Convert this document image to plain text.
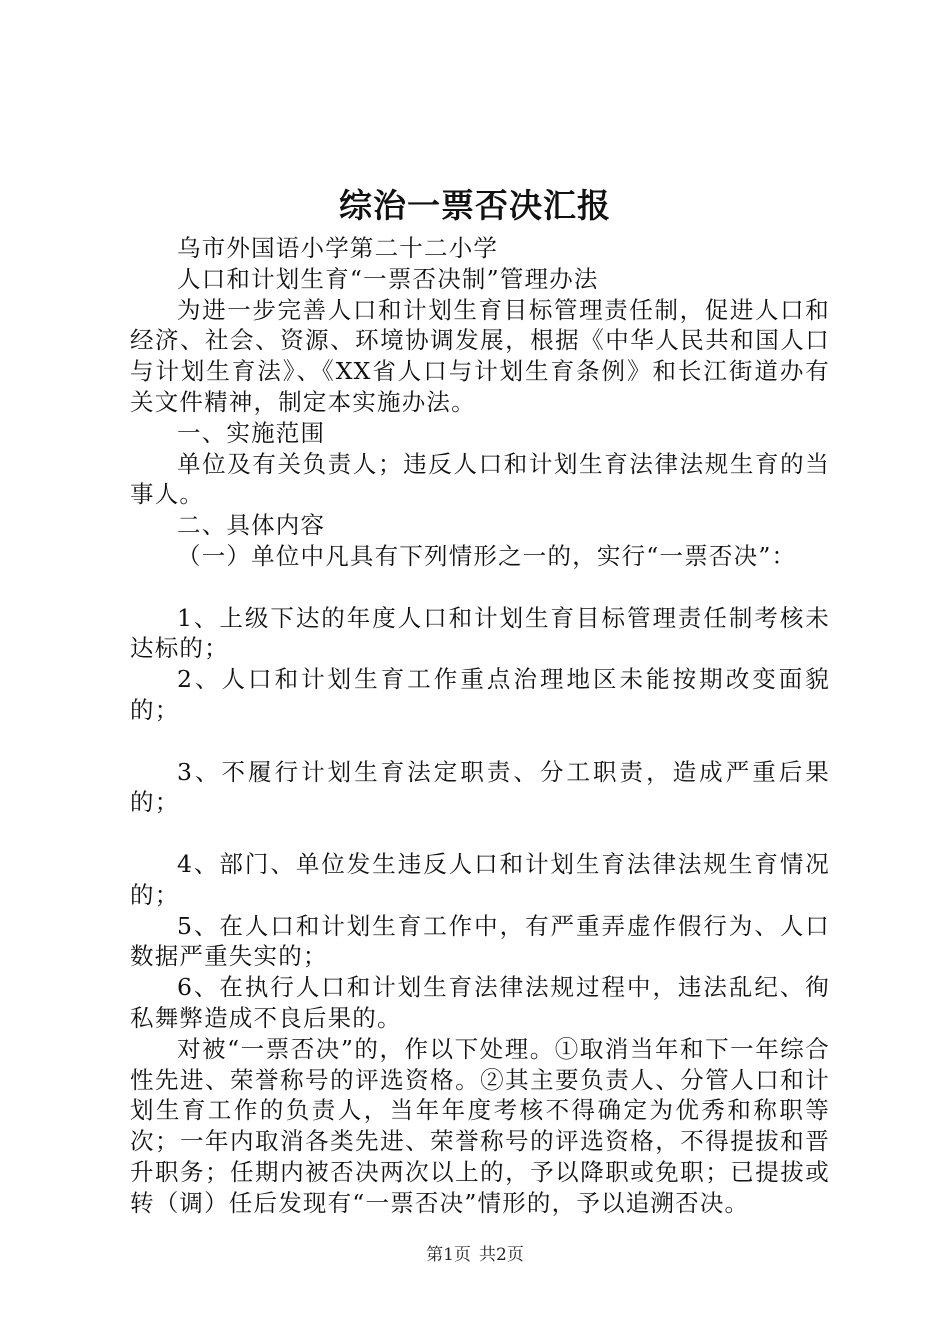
综治一票否决汇报

乌市外国语小学第二十二小学

人口和计划生育“一票否决制”管理办法

为进一步完善人口和计划生育目标管理责任制，促进人口和经济、社会、资源、环境协调发展，根据《中华人民共和国人口与计划生育法》、《XX省人口与计划生育条例》和长江街道办有关文件精神，制定本实施办法。

一、实施范围

单位及有关负责人；违反人口和计划生育法律法规生育的当事人。

二、具体内容

（一）单位中凡具有下列情形之一的，实行“一票否决”：

1、上级下达的年度人口和计划生育目标管理责任制考核未达标的；

2、人口和计划生育工作重点治理地区未能按期改变面貌的；

3、不履行计划生育法定职责、分工职责，造成严重后果的；

4、部门、单位发生违反人口和计划生育法律法规生育情况的；

5、在人口和计划生育工作中，有严重弄虚作假行为、人口数据严重失实的；

6、在执行人口和计划生育法律法规过程中，违法乱纪、徇私舞弊造成不良后果的。

对被“一票否决”的，作以下处理。①取消当年和下一年综合性先进、荣誉称号的评选资格。②其主要负责人、分管人口和计划生育工作的负责人，当年年度考核不得确定为优秀和称职等次；一年内取消各类先进、荣誉称号的评选资格，不得提拔和晋升职务；任期内被否决两次以上的，予以降职或免职；已提拔或转（调）任后发现有“一票否决”情形的，予以追溯否决。

第1页 共2页
